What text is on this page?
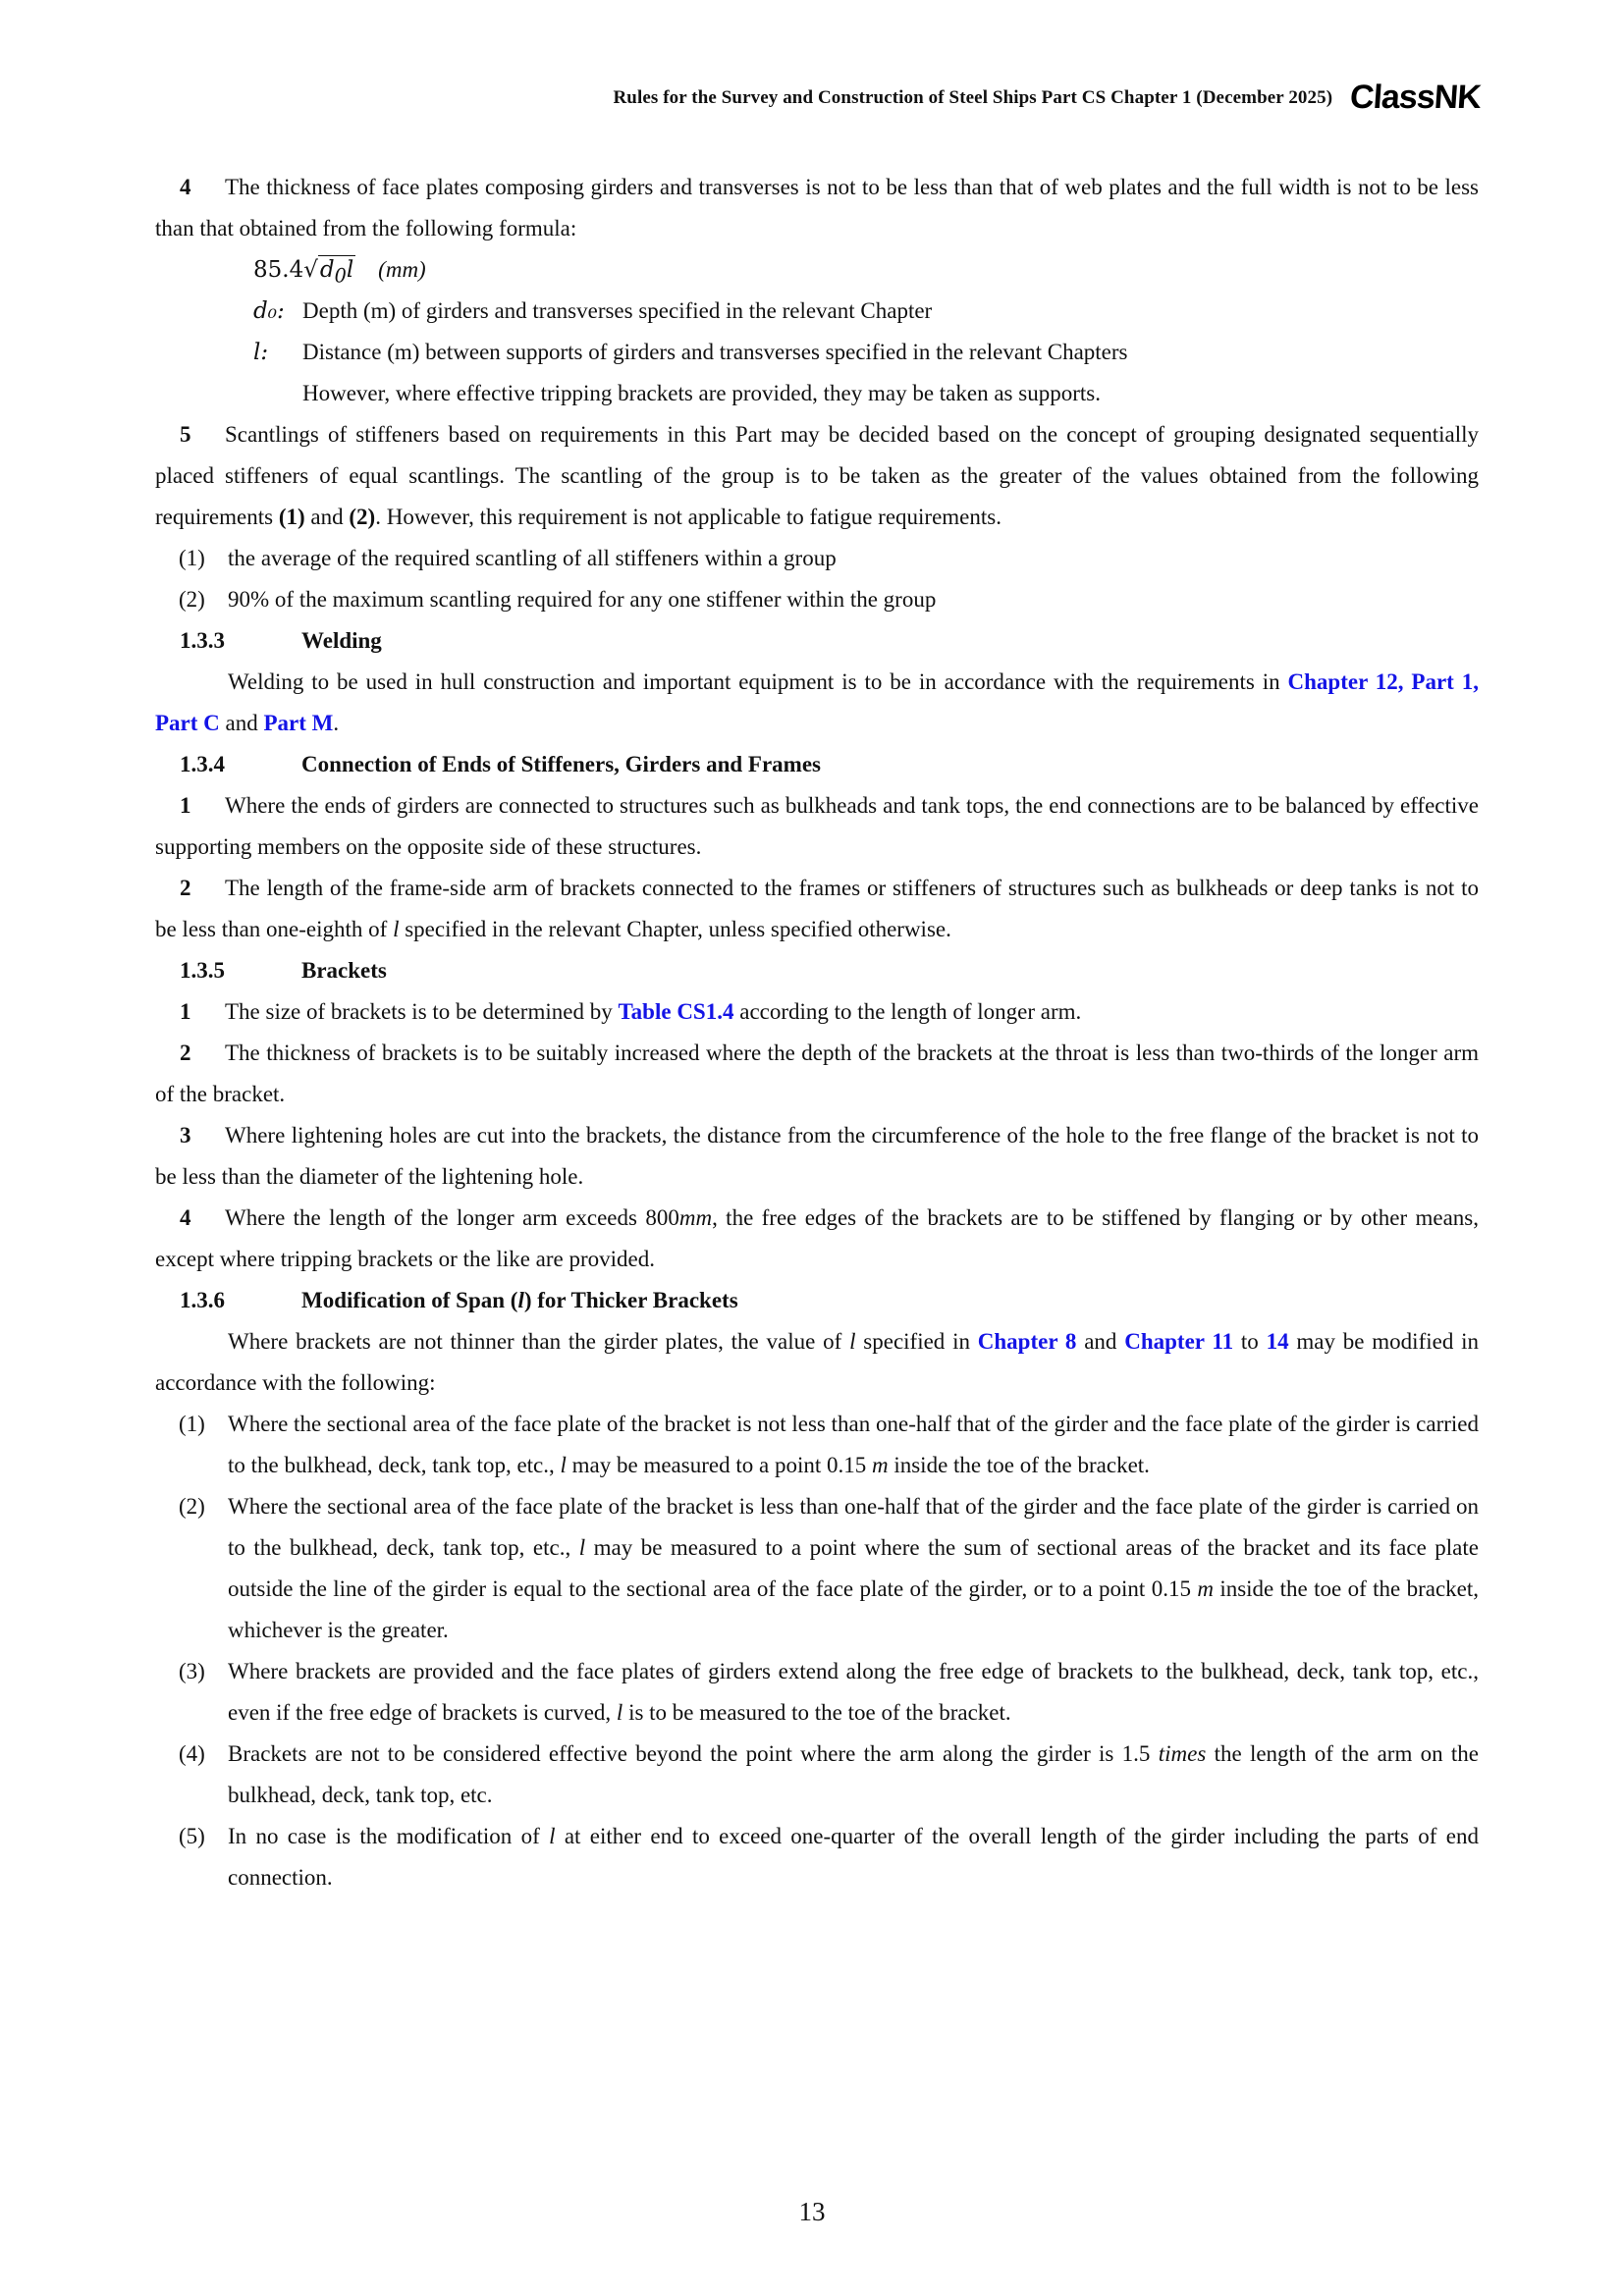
Rules for the Survey and Construction of Steel Ships Part CS Chapter 1 (December 2025) ClassNK

4 The thickness of face plates composing girders and transverses is not to be less than that of web plates and the full width is not to be less than that obtained from the following formula:

$85.4√d_0l$ (mm)

d₀: Depth (m) of girders and transverses specified in the relevant Chapter

l:	Distance (m) between supports of girders and transverses specified in the relevant Chapters

However, where effective tripping brackets are provided, they may be taken as supports.

5 Scantlings of stiffeners based on requirements in this Part may be decided based on the concept of grouping designated sequentially placed stiffeners of equal scantlings. The scantling of the group is to be taken as the greater of the values obtained from the following requirements (1) and (2). However, this requirement is not applicable to fatigue requirements.

(1) the average of the required scantling of all stiffeners within a group

(2) 90% of the maximum scantling required for any one stiffener within the group

1.3.3	Welding

Welding to be used in hull construction and important equipment is to be in accordance with the requirements in Chapter 12, Part 1, Part C and Part M.

1.3.4	Connection of Ends of Stiffeners, Girders and Frames

1 Where the ends of girders are connected to structures such as bulkheads and tank tops, the end connections are to be balanced by effective supporting members on the opposite side of these structures.

2 The length of the frame-side arm of brackets connected to the frames or stiffeners of structures such as bulkheads or deep tanks is not to be less than one-eighth of l specified in the relevant Chapter, unless specified otherwise.

1.3.5	Brackets

1 The size of brackets is to be determined by Table CS1.4 according to the length of longer arm.

2 The thickness of brackets is to be suitably increased where the depth of the brackets at the throat is less than two-thirds of the longer arm of the bracket.

3 Where lightening holes are cut into the brackets, the distance from the circumference of the hole to the free flange of the bracket is not to be less than the diameter of the lightening hole.

4 Where the length of the longer arm exceeds 800mm, the free edges of the brackets are to be stiffened by flanging or by other means, except where tripping brackets or the like are provided.

1.3.6	Modification of Span (l) for Thicker Brackets

Where brackets are not thinner than the girder plates, the value of l specified in Chapter 8 and Chapter 11 to 14 may be modified in accordance with the following:

(1) Where the sectional area of the face plate of the bracket is not less than one-half that of the girder and the face plate of the girder is carried to the bulkhead, deck, tank top, etc., l may be measured to a point 0.15 m inside the toe of the bracket.

(2) Where the sectional area of the face plate of the bracket is less than one-half that of the girder and the face plate of the girder is carried on to the bulkhead, deck, tank top, etc., l may be measured to a point where the sum of sectional areas of the bracket and its face plate outside the line of the girder is equal to the sectional area of the face plate of the girder, or to a point 0.15 m inside the toe of the bracket, whichever is the greater.

(3) Where brackets are provided and the face plates of girders extend along the free edge of brackets to the bulkhead, deck, tank top, etc., even if the free edge of brackets is curved, l is to be measured to the toe of the bracket.

(4) Brackets are not to be considered effective beyond the point where the arm along the girder is 1.5 times the length of the arm on the bulkhead, deck, tank top, etc.

(5) In no case is the modification of l at either end to exceed one-quarter of the overall length of the girder including the parts of end connection.

13
